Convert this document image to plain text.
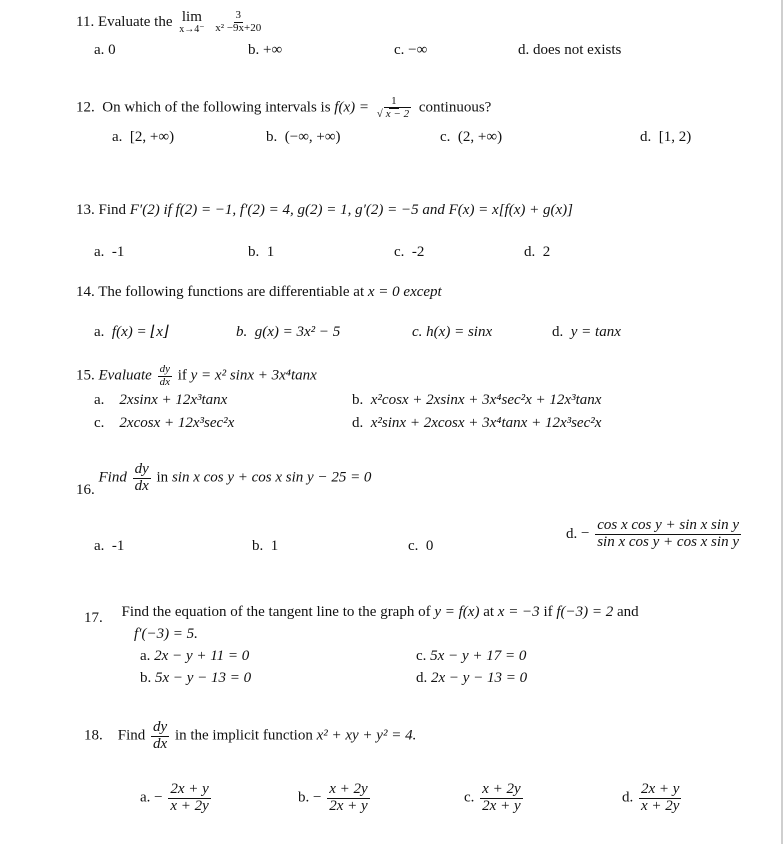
11. Evaluate the lim
x→4⁻
$\frac{3}{\text{x² −9x+20}}$
a. 0	b. +∞	c. −∞	d. does not exists
12. On which of the following intervals is $f(x) = \frac{1}{√ x - 2}$ continuous?
a. [2, +∞)	b. (−∞, +∞)	c. (2, +∞)	d. [1, 2)
13. Find F′(2) if f(2) = −1, f′(2) = 4, g(2) = 1, g′(2) = −5 and F(x) = x[f(x) + g(x)]
a. -1	b. 1	c. -2	d. 2
14. The following functions are differentiable at x = 0 except
a. f(x) = ⌊x⌋	b. g(x) = 3x² − 5	c. h(x) = sinx	d. y = tanx
15. Evaluate $\frac{dy}{dx}$ if y = x² sinx + 3x⁴tanx
a. 2xsinx + 12x³tanx	b. x²cosx + 2xsinx + 3x⁴sec²x + 12x³tanx
c. 2xcosx + 12x³sec²x	d. x²sinx + 2xcosx + 3x⁴tanx + 12x³sec²x
16. Find $\frac{dy}{dx}$ in sin x cos y + cos x sin y − 25 = 0
a. -1	b. 1	c. 0
d. − $\frac{\text{cos x cos y + sin x sin y}}{\text{sin x cos y + cos x sin y}}$
17. Find the equation of the tangent line to the graph of y = f(x) at x = −3 if f(−3) = 2 and
f′(−3) = 5.
a. 2x − y + 11 = 0	c. 5x − y + 17 = 0
b. 5x − y − 13 = 0	d. 2x − y − 13 = 0
18. Find $\frac{dy}{dx}$ in the implicit function x² + xy + y² = 4.
a. − $\frac{2x + y}{x + 2y}$	b. − $\frac{x + 2y}{2x + y}$	c. $\frac{x + 2y}{2x + y}$	d. $\frac{2x + y}{x + 2y}$
